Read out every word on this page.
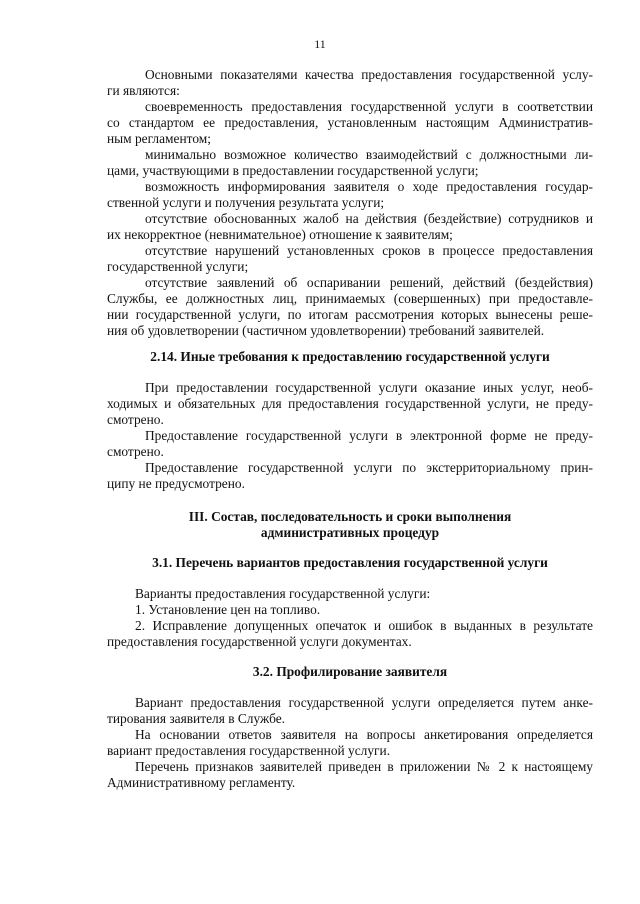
11
Основными показателями качества предоставления государственной услу-
ги являются:
своевременность предоставления государственной услуги в соответствии
со стандартом ее предоставления, установленным настоящим Административ-
ным регламентом;
минимально возможное количество взаимодействий с должностными ли-
цами, участвующими в предоставлении государственной услуги;
возможность информирования заявителя о ходе предоставления государ-
ственной услуги и получения результата услуги;
отсутствие обоснованных жалоб на действия (бездействие) сотрудников и
их некорректное (невнимательное) отношение к заявителям;
отсутствие нарушений установленных сроков в процессе предоставления
государственной услуги;
отсутствие заявлений об оспаривании решений, действий (бездействия)
Службы, ее должностных лиц, принимаемых (совершенных) при предоставле-
нии государственной услуги, по итогам рассмотрения которых вынесены реше-
ния об удовлетворении (частичном удовлетворении) требований заявителей.
2.14. Иные требования к предоставлению государственной услуги
При предоставлении государственной услуги оказание иных услуг, необ-
ходимых и обязательных для предоставления государственной услуги, не преду-
смотрено.
Предоставление государственной услуги в электронной форме не преду-
смотрено.
Предоставление государственной услуги по экстерриториальному прин-
ципу не предусмотрено.
III. Состав, последовательность и сроки выполнения
административных процедур
3.1. Перечень вариантов предоставления государственной услуги
Варианты предоставления государственной услуги:
1. Установление цен на топливо.
2. Исправление допущенных опечаток и ошибок в выданных в результате
предоставления государственной услуги документах.
3.2. Профилирование заявителя
Вариант предоставления государственной услуги определяется путем анке-
тирования заявителя в Службе.
На основании ответов заявителя на вопросы анкетирования определяется
вариант предоставления государственной услуги.
Перечень признаков заявителей приведен в приложении № 2 к настоящему
Административному регламенту.
